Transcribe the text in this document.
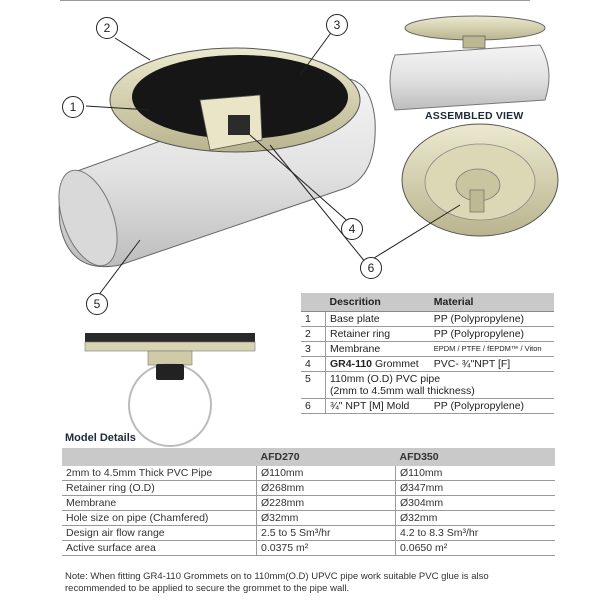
1
2	3
4
5
6
ASSEMBLED VIEW
	Descrition	Material
1	Base plate	PP (Polypropylene)
2	Retainer ring	PP (Polypropylene)
3	Membrane	EPDM / PTFE / fEPDM™ / Viton
4	GR4-110 Grommet	PVC- ¾"NPT [F]
5	110mm (O.D) PVC pipe
(2mm to 4.5mm wall thickness)	
6	¾" NPT [M] Mold	PP (Polypropylene)
Model Details
	AFD270	AFD350
2mm to 4.5mm Thick PVC Pipe	Ø110mm	Ø110mm
Retainer ring (O.D)	Ø268mm	Ø347mm
Membrane	Ø228mm	Ø304mm
Hole size on pipe (Chamfered)	Ø32mm	Ø32mm
Design air flow range	2.5 to 5 Sm³/hr	4.2 to 8.3 Sm³/hr
Active surface area	0.0375 m²	0.0650 m²
Note: When fitting GR4-110 Grommets on to 110mm(O.D) UPVC pipe work suitable PVC glue is also recommended to be applied to secure the grommet to the pipe wall.
